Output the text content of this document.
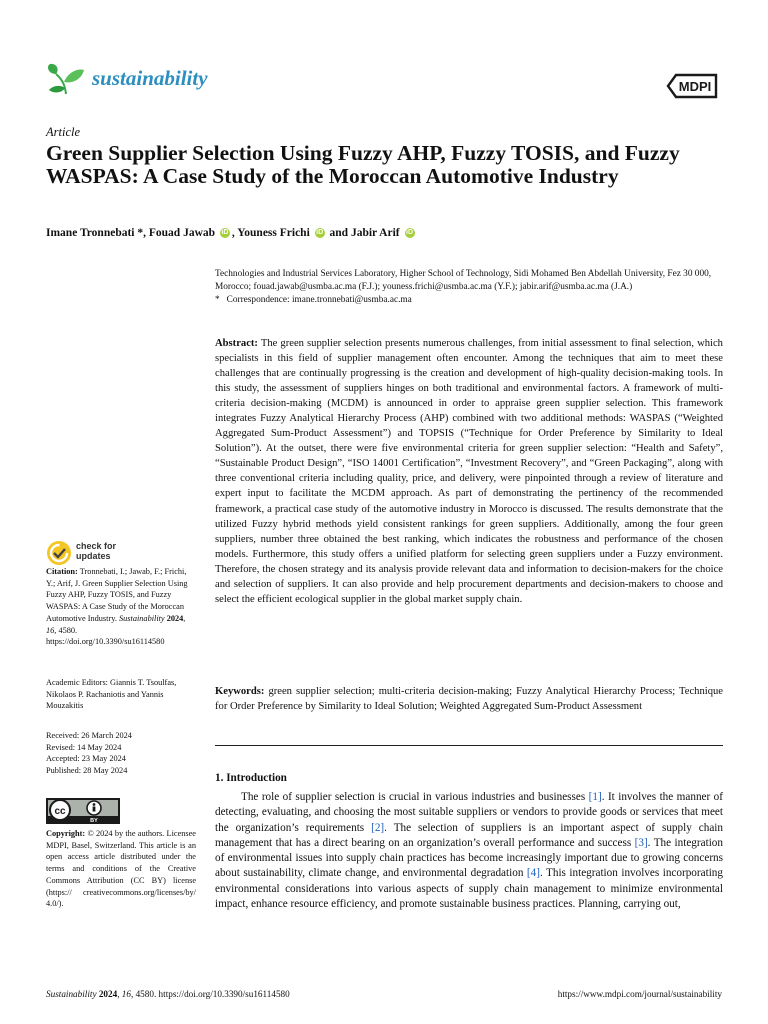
sustainability	MDPI
Article
Green Supplier Selection Using Fuzzy AHP, Fuzzy TOSIS, and Fuzzy WASPAS: A Case Study of the Moroccan Automotive Industry
Imane Tronnebati *, Fouad Jawab iD , Youness Frichi iD and Jabir Arif iD
Technologies and Industrial Services Laboratory, Higher School of Technology, Sidi Mohamed Ben Abdellah University, Fez 30 000, Morocco; fouad.jawab@usmba.ac.ma (F.J.); youness.frichi@usmba.ac.ma (Y.F.); jabir.arif@usmba.ac.ma (J.A.)
* Correspondence: imane.tronnebati@usmba.ac.ma
Abstract: The green supplier selection presents numerous challenges, from initial assessment to final selection, which specialists in this field of supplier management often encounter. Among the techniques that aim to meet these challenges that are continually progressing is the creation and development of high-quality decision-making tools. In this study, the assessment of suppliers hinges on both traditional and environmental factors. A framework of multi-criteria decision-making (MCDM) is announced in order to appraise green supplier selection. This framework integrates Fuzzy Analytical Hierarchy Process (AHP) combined with two additional methods: WASPAS (“Weighted Aggregated Sum-Product Assessment”) and TOPSIS (“Technique for Order Preference by Similarity to Ideal Solution”). At the outset, there were five environmental criteria for green supplier selection: “Health and Safety”, “Sustainable Product Design”, “ISO 14001 Certification”, “Investment Recovery”, and “Green Packaging”, along with three conventional criteria including quality, price, and delivery, were pinpointed through a review of literature and expert input to facilitate the MCDM approach. As part of demonstrating the pertinency of the recommended framework, a practical case study of the automotive industry in Morocco is discussed. The results demonstrate that the utilized Fuzzy hybrid methods yield consistent rankings for green suppliers. Additionally, among the four green suppliers, number three obtained the best ranking, which indicates the robustness and performance of the chosen models. Furthermore, this study offers a unified platform for selecting green suppliers under a Fuzzy environment. Therefore, the chosen strategy and its analysis provide relevant data and information to decision-makers for the choice and selection of suppliers. It can also provide and help procurement departments and decision-makers to choose and select the efficient ecological supplier in the global market supply chain.
Keywords: green supplier selection; multi-criteria decision-making; Fuzzy Analytical Hierarchy Process; Technique for Order Preference by Similarity to Ideal Solution; Weighted Aggregated Sum-Product Assessment
1. Introduction
The role of supplier selection is crucial in various industries and businesses [1]. It involves the manner of detecting, evaluating, and choosing the most suitable suppliers or vendors to provide goods or services that meet the organization’s requirements [2]. The selection of suppliers is an important aspect of supply chain management that has a direct bearing on an organization’s overall performance and success [3]. The integration of environmental issues into supply chain practices has become increasingly important due to growing concerns about sustainability, climate change, and environmental degradation [4]. This integration involves incorporating environmental considerations into various aspects of supply chain management to minimize environmental impact, enhance resource efficiency, and promote sustainable business practices. Planning, carrying out,
check for
updates
Citation: Tronnebati, I.; Jawab, F.; Frichi, Y.; Arif, J. Green Supplier Selection Using Fuzzy AHP, Fuzzy TOSIS, and Fuzzy WASPAS: A Case Study of the Moroccan Automotive Industry. Sustainability 2024, 16, 4580. https://doi.org/10.3390/su16114580
Academic Editors: Giannis T. Tsoulfas, Nikolaos P. Rachaniotis and Yannis Mouzakitis
Received: 26 March 2024
Revised: 14 May 2024
Accepted: 23 May 2024
Published: 28 May 2024
cc
BY
Copyright: © 2024 by the authors. Licensee MDPI, Basel, Switzerland. This article is an open access article distributed under the terms and conditions of the Creative Commons Attribution (CC BY) license (https:// creativecommons.org/licenses/by/ 4.0/).
Sustainability 2024, 16, 4580. https://doi.org/10.3390/su16114580	https://www.mdpi.com/journal/sustainability
